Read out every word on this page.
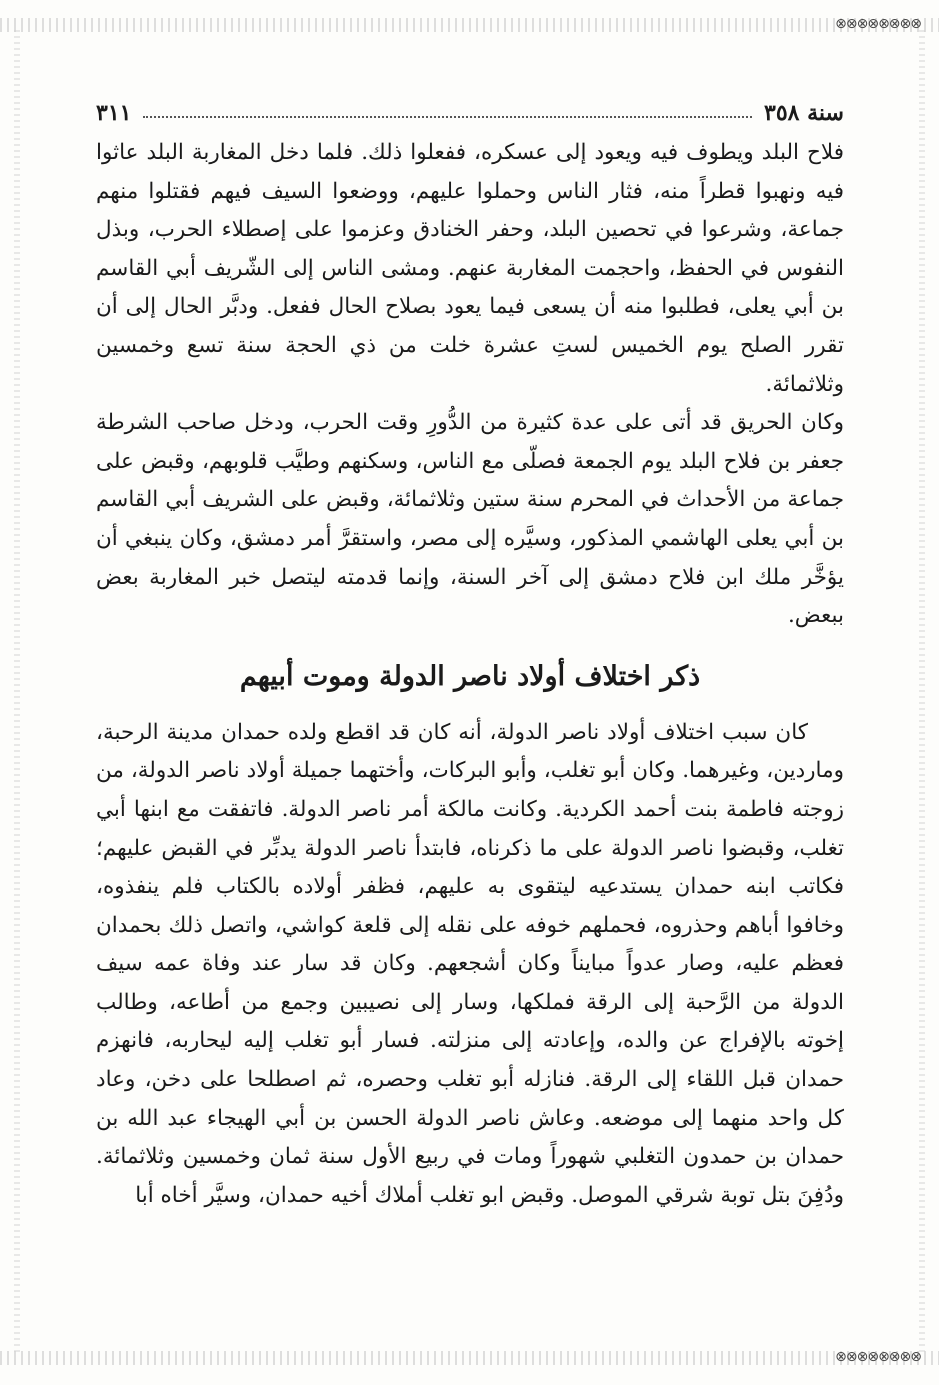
⊗⊗⊗⊗⊗⊗⊗⊗
⊗⊗⊗⊗⊗⊗⊗⊗
سنة ٣٥٨
٣١١

فلاح البلد ويطوف فيه ويعود إلى عسكره، ففعلوا ذلك. فلما دخل المغاربة البلد عاثوا فيه ونهبوا قطراً منه، فثار الناس وحملوا عليهم، ووضعوا السيف فيهم فقتلوا منهم جماعة، وشرعوا في تحصين البلد، وحفر الخنادق وعزموا على إصطلاء الحرب، وبذل النفوس في الحفظ، واحجمت المغاربة عنهم. ومشى الناس إلى الشّريف أبي القاسم بن أبي يعلى، فطلبوا منه أن يسعى فيما يعود بصلاح الحال ففعل. ودبَّر الحال إلى أن تقرر الصلح يوم الخميس لستِ عشرة خلت من ذي الحجة سنة تسع وخمسين وثلاثمائة.

وكان الحريق قد أتى على عدة كثيرة من الدُّورِ وقت الحرب، ودخل صاحب الشرطة جعفر بن فلاح البلد يوم الجمعة فصلّى مع الناس، وسكنهم وطيَّب قلوبهم، وقبض على جماعة من الأحداث في المحرم سنة ستين وثلاثمائة، وقبض على الشريف أبي القاسم بن أبي يعلى الهاشمي المذكور، وسيَّره إلى مصر، واستقرَّ أمر دمشق، وكان ينبغي أن يؤخَّر ملك ابن فلاح دمشق إلى آخر السنة، وإنما قدمته ليتصل خبر المغاربة بعض ببعض.

ذكر اختلاف أولاد ناصر الدولة وموت أبيهم

كان سبب اختلاف أولاد ناصر الدولة، أنه كان قد اقطع ولده حمدان مدينة الرحبة، وماردين، وغيرهما. وكان أبو تغلب، وأبو البركات، وأختهما جميلة أولاد ناصر الدولة، من زوجته فاطمة بنت أحمد الكردية. وكانت مالكة أمر ناصر الدولة. فاتفقت مع ابنها أبي تغلب، وقبضوا ناصر الدولة على ما ذكرناه، فابتدأ ناصر الدولة يدبِّر في القبض عليهم؛ فكاتب ابنه حمدان يستدعيه ليتقوى به عليهم، فظفر أولاده بالكتاب فلم ينفذوه، وخافوا أباهم وحذروه، فحملهم خوفه على نقله إلى قلعة كواشي، واتصل ذلك بحمدان فعظم عليه، وصار عدواً مبايناً وكان أشجعهم. وكان قد سار عند وفاة عمه سيف الدولة من الرَّحبة إلى الرقة فملكها، وسار إلى نصيبين وجمع من أطاعه، وطالب إخوته بالإفراج عن والده، وإعادته إلى منزلته. فسار أبو تغلب إليه ليحاربه، فانهزم حمدان قبل اللقاء إلى الرقة. فنازله أبو تغلب وحصره، ثم اصطلحا على دخن، وعاد كل واحد منهما إلى موضعه. وعاش ناصر الدولة الحسن بن أبي الهيجاء عبد الله بن حمدان بن حمدون التغلبي شهوراً ومات في ربيع الأول سنة ثمان وخمسين وثلاثمائة. ودُفِنَ بتل توبة شرقي الموصل. وقبض ابو تغلب أملاك أخيه حمدان، وسيَّر أخاه أبا
